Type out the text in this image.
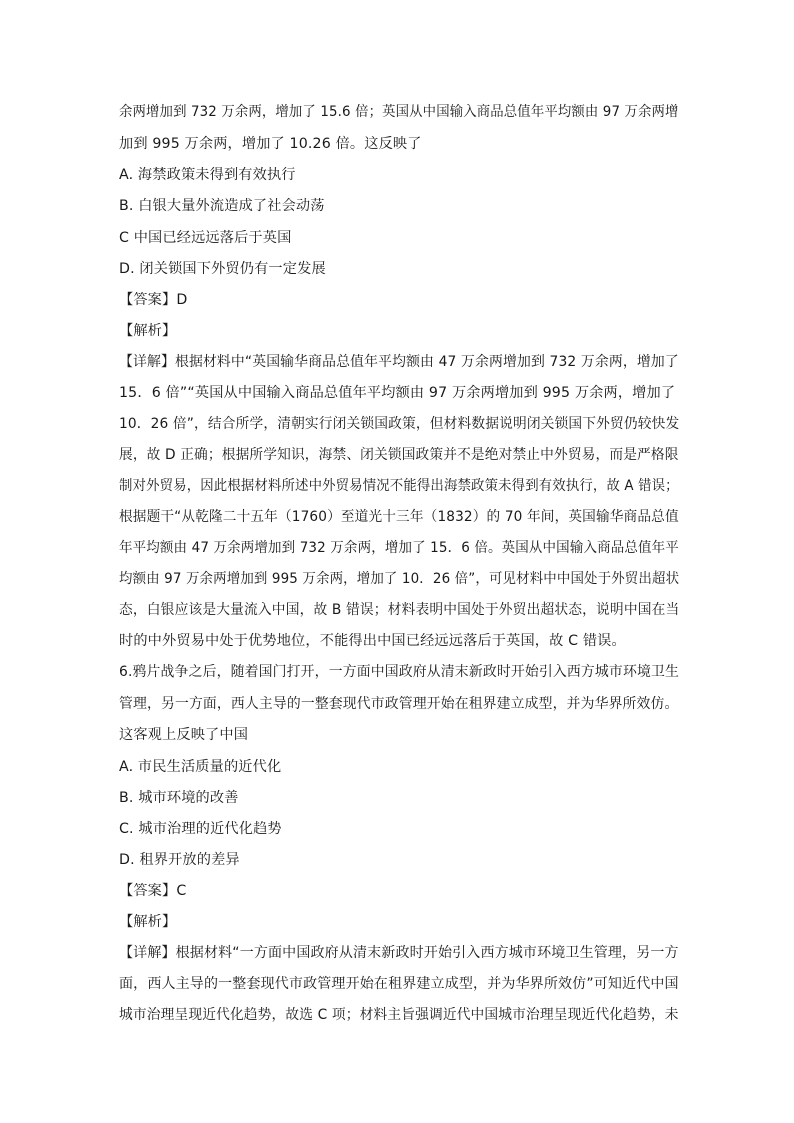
余两增加到 732 万余两，增加了 15.6 倍；英国从中国输入商品总值年平均额由 97 万余两增
加到 995 万余两，增加了 10.26 倍。这反映了
A. 海禁政策未得到有效执行
B. 白银大量外流造成了社会动荡
C 中国已经远远落后于英国
D. 闭关锁国下外贸仍有一定发展
【答案】D
【解析】
【详解】根据材料中“英国输华商品总值年平均额由 47 万余两增加到 732 万余两，增加了
15．6 倍”“英国从中国输入商品总值年平均额由 97 万余两增加到 995 万余两，增加了
10．26 倍”，结合所学，清朝实行闭关锁国政策，但材料数据说明闭关锁国下外贸仍较快发
展，故 D 正确；根据所学知识，海禁、闭关锁国政策并不是绝对禁止中外贸易，而是严格限
制对外贸易，因此根据材料所述中外贸易情况不能得出海禁政策未得到有效执行，故 A 错误；
根据题干“从乾隆二十五年（1760）至道光十三年（1832）的 70 年间，英国输华商品总值
年平均额由 47 万余两增加到 732 万余两，增加了 15．6 倍。英国从中国输入商品总值年平
均额由 97 万余两增加到 995 万余两，增加了 10．26 倍”，可见材料中中国处于外贸出超状
态，白银应该是大量流入中国，故 B 错误；材料表明中国处于外贸出超状态，说明中国在当
时的中外贸易中处于优势地位，不能得出中国已经远远落后于英国，故 C 错误。
6.鸦片战争之后，随着国门打开，一方面中国政府从清末新政时开始引入西方城市环境卫生
管理，另一方面，西人主导的一整套现代市政管理开始在租界建立成型，并为华界所效仿。
这客观上反映了中国
A. 市民生活质量的近代化
B. 城市环境的改善
C. 城市治理的近代化趋势
D. 租界开放的差异
【答案】C
【解析】
【详解】根据材料“一方面中国政府从清末新政时开始引入西方城市环境卫生管理，另一方
面，西人主导的一整套现代市政管理开始在租界建立成型，并为华界所效仿”可知近代中国
城市治理呈现近代化趋势，故选 C 项；材料主旨强调近代中国城市治理呈现近代化趋势，未
